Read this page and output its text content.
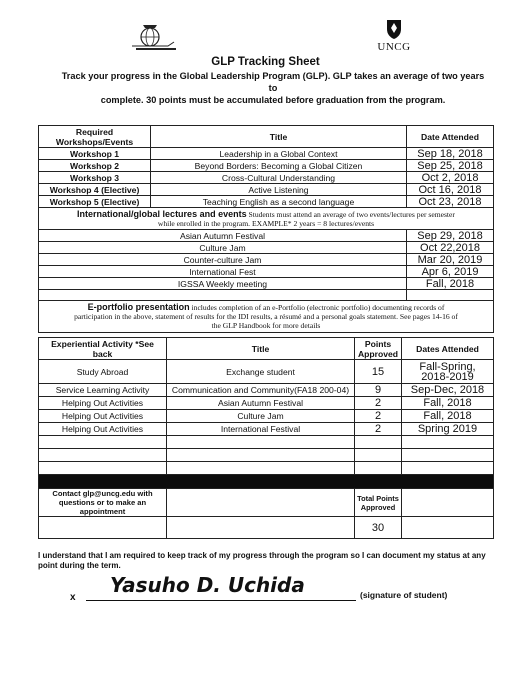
UNCG
GLP Tracking Sheet
Track your progress in the Global Leadership Program (GLP). GLP takes an average of two years to
complete. 30 points must be accumulated before graduation from the program.
Required Workshops/Events	Title	Date Attended
Workshop 1	Leadership in a Global Context	Sep 18, 2018
Workshop 2	Beyond Borders: Becoming a Global Citizen	Sep 25, 2018
Workshop 3	Cross-Cultural Understanding	Oct 2, 2018
Workshop 4 (Elective)	Active Listening	Oct 16, 2018
Workshop 5 (Elective)	Teaching English as a second language	Oct 23, 2018
International/global lectures and events Students must attend an average of two events/lectures per semester
while enrolled in the program. EXAMPLE* 2 years = 8 lectures/events		
Asian Autumn Festival		Sep 29, 2018
Culture Jam		Oct 22,2018
Counter-culture Jam		Mar 20, 2019
International Fest		Apr 6, 2019
IGSSA Weekly meeting		Fall, 2018

E-portfolio presentation includes completion of an e-Portfolio (electronic portfolio) documenting records of
participation in the above, statement of results for the IDI results, a résumé and a personal goals statement. See pages 14-16 of
the GLP Handbook for more details		
Experiential Activity *See back	Title	Points Approved	Dates Attended
Study Abroad	Exchange student	15	Fall-Spring, 2018-2019
Service Learning Activity	Communication and Community(FA18 200-04)	9	Sep-Dec, 2018
Helping Out Activities	Asian Autumn Festival	2	Fall, 2018
Helping Out Activities	Culture Jam	2	Fall, 2018
Helping Out Activities	International Festival	2	Spring 2019

Contact glp@uncg.edu with questions or to make an appointment		Total Points Approved	
		30	
I understand that I am required to keep track of my progress through the program so I can document my status at any point during the term.
x
Yasuho D. Uchida	(signature of student)
